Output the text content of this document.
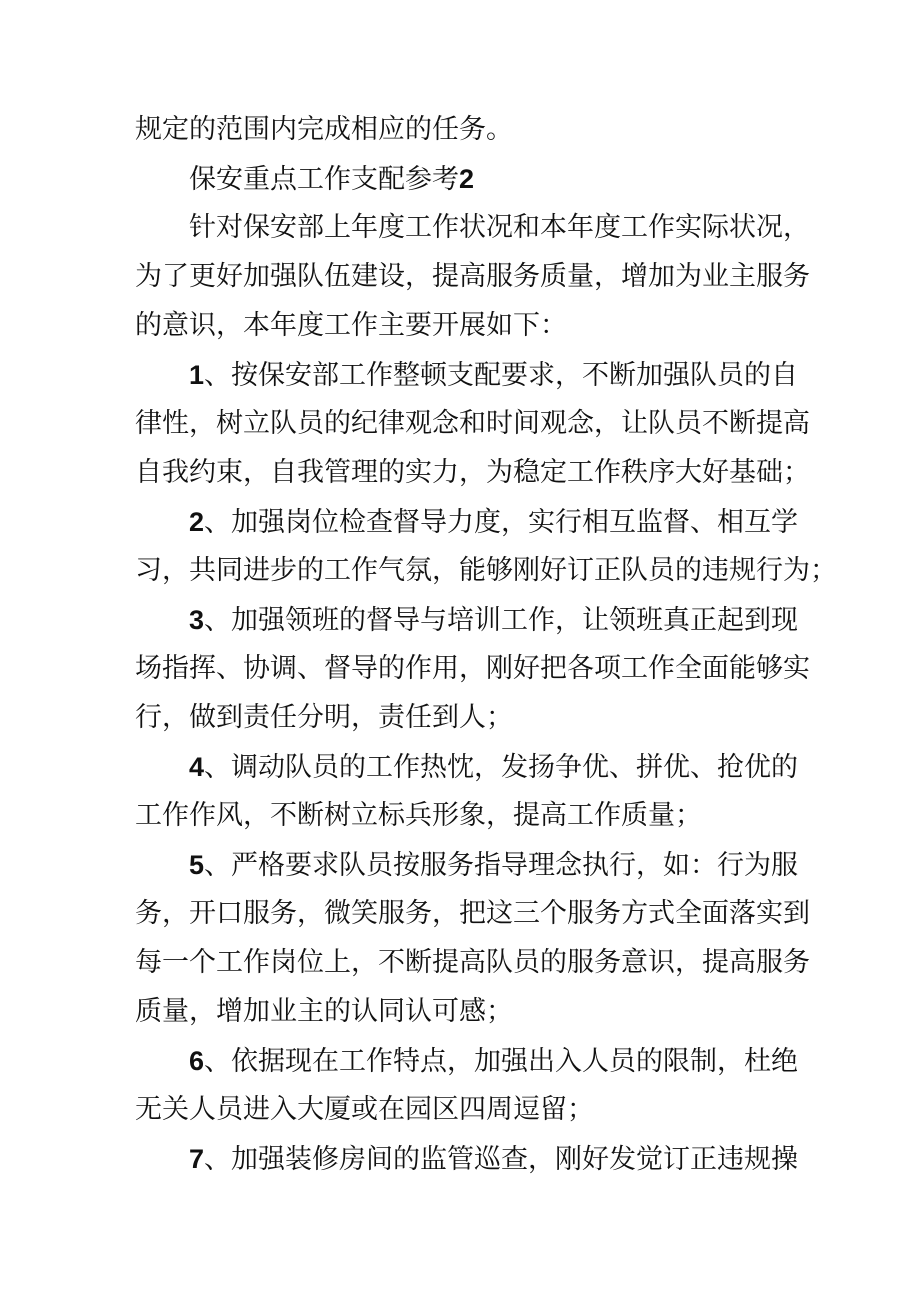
规定的范围内完成相应的任务。
保安重点工作支配参考2
针对保安部上年度工作状况和本年度工作实际状况，
为了更好加强队伍建设，提高服务质量，增加为业主服务
的意识，本年度工作主要开展如下：
1、按保安部工作整顿支配要求，不断加强队员的自
律性，树立队员的纪律观念和时间观念，让队员不断提高
自我约束，自我管理的实力，为稳定工作秩序大好基础；
2、加强岗位检查督导力度，实行相互监督、相互学
习，共同进步的工作气氛，能够刚好订正队员的违规行为；
3、加强领班的督导与培训工作，让领班真正起到现
场指挥、协调、督导的作用，刚好把各项工作全面能够实
行，做到责任分明，责任到人；
4、调动队员的工作热忱，发扬争优、拼优、抢优的
工作作风，不断树立标兵形象，提高工作质量；
5、严格要求队员按服务指导理念执行，如：行为服
务，开口服务，微笑服务，把这三个服务方式全面落实到
每一个工作岗位上，不断提高队员的服务意识，提高服务
质量，增加业主的认同认可感；
6、依据现在工作特点，加强出入人员的限制，杜绝
无关人员进入大厦或在园区四周逗留；
7、加强装修房间的监管巡查，刚好发觉订正违规操
